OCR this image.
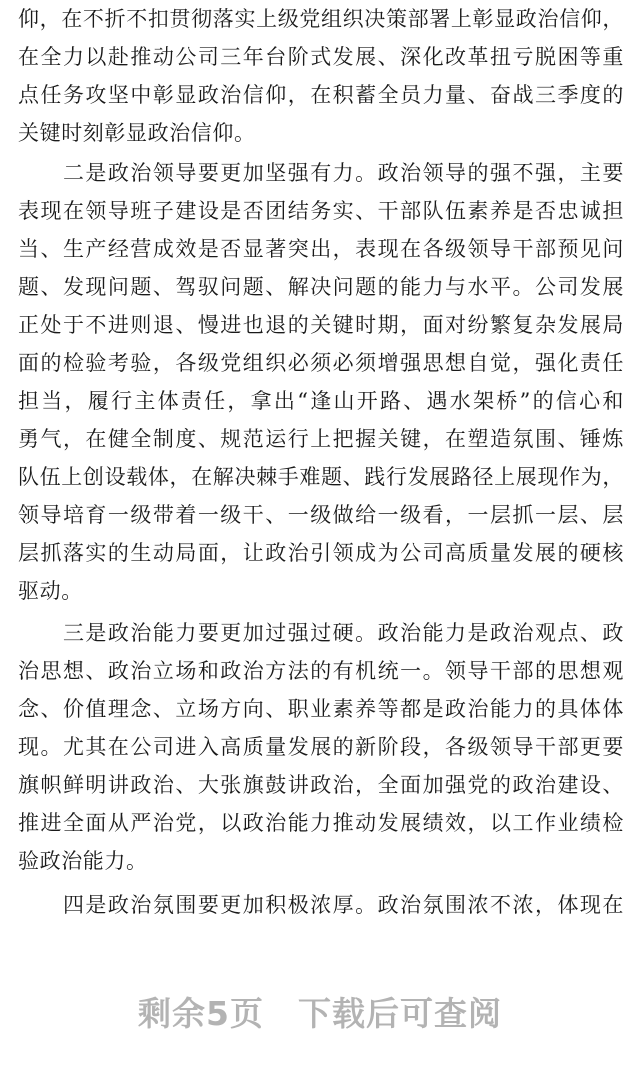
仰，在不折不扣贯彻落实上级党组织决策部署上彰显政治信仰，
在全力以赴推动公司三年台阶式发展、深化改革扭亏脱困等重
点任务攻坚中彰显政治信仰，在积蓄全员力量、奋战三季度的
关键时刻彰显政治信仰。
　　二是政治领导要更加坚强有力。政治领导的强不强，主要
表现在领导班子建设是否团结务实、干部队伍素养是否忠诚担
当、生产经营成效是否显著突出，表现在各级领导干部预见问
题、发现问题、驾驭问题、解决问题的能力与水平。公司发展
正处于不进则退、慢进也退的关键时期，面对纷繁复杂发展局
面的检验考验，各级党组织必须必须增强思想自觉，强化责任
担当，履行主体责任，拿出“逢山开路、遇水架桥”的信心和
勇气，在健全制度、规范运行上把握关键，在塑造氛围、锤炼
队伍上创设载体，在解决棘手难题、践行发展路径上展现作为，
领导培育一级带着一级干、一级做给一级看，一层抓一层、层
层抓落实的生动局面，让政治引领成为公司高质量发展的硬核
驱动。
　　三是政治能力要更加过强过硬。政治能力是政治观点、政
治思想、政治立场和政治方法的有机统一。领导干部的思想观
念、价值理念、立场方向、职业素养等都是政治能力的具体体
现。尤其在公司进入高质量发展的新阶段，各级领导干部更要
旗帜鲜明讲政治、大张旗鼓讲政治，全面加强党的政治建设、
推进全面从严治党，以政治能力推动发展绩效，以工作业绩检
验政治能力。
　　四是政治氛围要更加积极浓厚。政治氛围浓不浓，体现在
剩余5页 下载后可查阅
